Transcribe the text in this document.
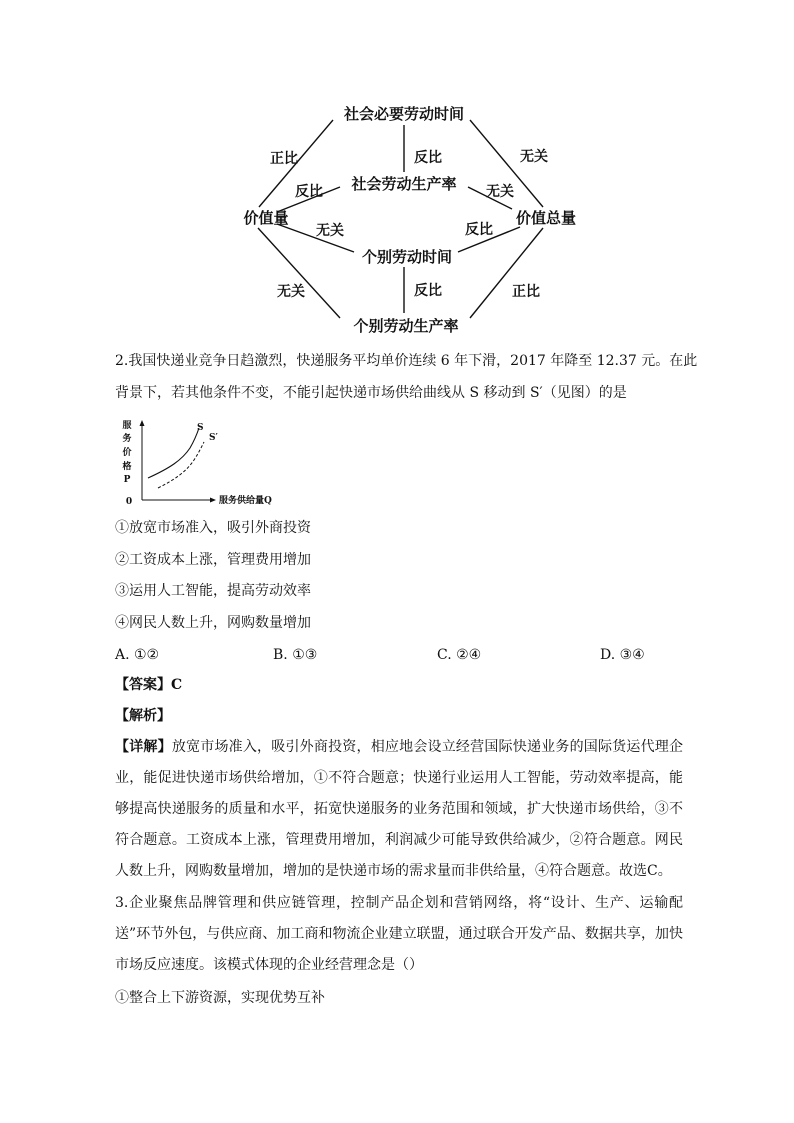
社会必要劳动时间
社会劳动生产率
价值量	价值总量
个别劳动时间
个别劳动生产率
正比	反比	无关
反比	无关
无关	反比
无关	反比	正比
2.我国快递业竞争日趋激烈，快递服务平均单价连续 6 年下滑，2017 年降至 12.37 元。在此
背景下，若其他条件不变，不能引起快递市场供给曲线从 S 移动到 S′（见图）的是
服
务
价
格
P
0	服务供给量Q
S
S′
①放宽市场准入，吸引外商投资
②工资成本上涨，管理费用增加
③运用人工智能，提高劳动效率
④网民人数上升，网购数量增加
A. ①②	B. ①③	C. ②④	D. ③④
【答案】C
【解析】
【详解】放宽市场准入，吸引外商投资，相应地会设立经营国际快递业务的国际货运代理企业，能促进快递市场供给增加，①不符合题意；快递行业运用人工智能，劳动效率提高，能够提高快递服务的质量和水平，拓宽快递服务的业务范围和领域，扩大快递市场供给，③不符合题意。工资成本上涨，管理费用增加，利润减少可能导致供给减少，②符合题意。网民人数上升，网购数量增加，增加的是快递市场的需求量而非供给量，④符合题意。故选C。
3.企业聚焦品牌管理和供应链管理，控制产品企划和营销网络，将“设计、生产、运输配送”环节外包，与供应商、加工商和物流企业建立联盟，通过联合开发产品、数据共享，加快市场反应速度。该模式体现的企业经营理念是（）
①整合上下游资源，实现优势互补
